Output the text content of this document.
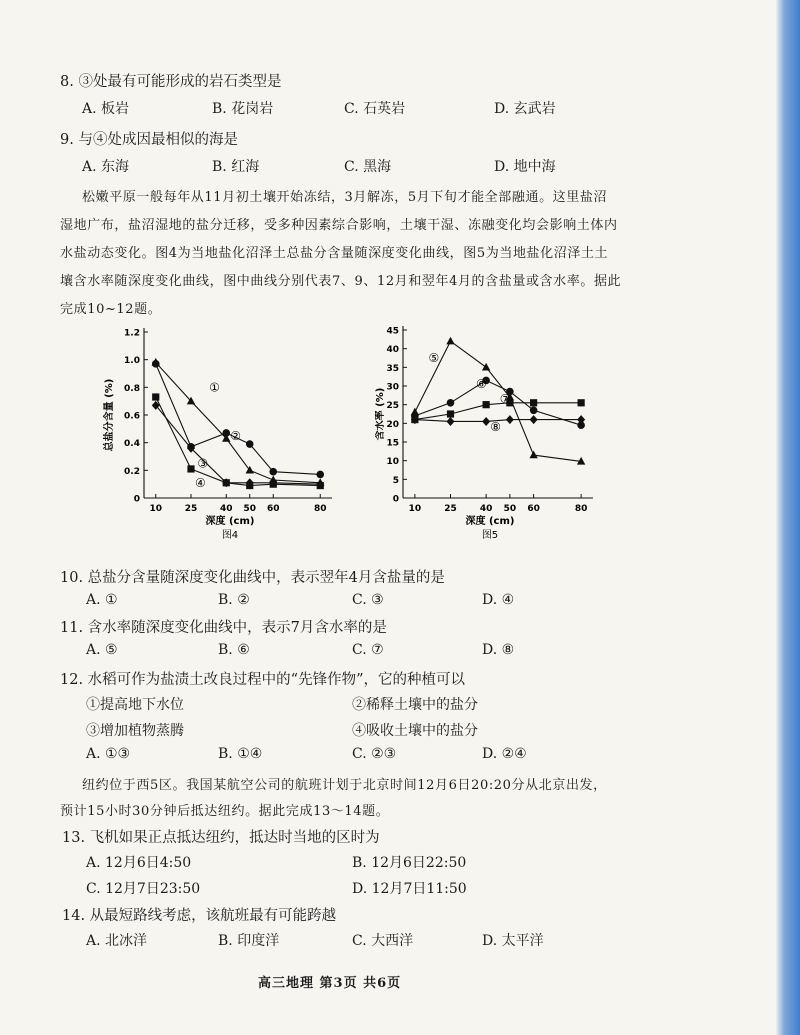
8. ③处最有可能形成的岩石类型是
A. 板岩	B. 花岗岩	C. 石英岩	D. 玄武岩
9. 与④处成因最相似的海是
A. 东海	B. 红海	C. 黑海	D. 地中海
松嫩平原一般每年从11月初土壤开始冻结，3月解冻，5月下旬才能全部融通。这里盐沼
湿地广布，盐沼湿地的盐分迁移，受多种因素综合影响，土壤干湿、冻融变化均会影响土体内
水盐动态变化。图4为当地盐化沼泽土总盐分含量随深度变化曲线，图5为当地盐化沼泽土土
壤含水率随深度变化曲线，图中曲线分别代表7、9、12月和翌年4月的含盐量或含水率。据此
完成10~12题。
0
0.2
0.4
0.6
0.8
1.0
1.2
10	25	40 50 60	80
深度 (cm)
总盐分含量 (%)
图4
①
②
③
④
0
5
10
15
20
25
30
35
40
45
10	25	40 50 60	80
深度 (cm)
含水率 (%)
图5
⑤
⑥
⑦
⑧
10. 总盐分含量随深度变化曲线中，表示翌年4月含盐量的是
A. ①	B. ②	C. ③	D. ④
11. 含水率随深度变化曲线中，表示7月含水率的是
A. ⑤	B. ⑥	C. ⑦	D. ⑧
12. 水稻可作为盐渍土改良过程中的“先锋作物”，它的种植可以
①提高地下水位	②稀释土壤中的盐分
③增加植物蒸腾	④吸收土壤中的盐分
A. ①③	B. ①④	C. ②③	D. ②④
纽约位于西5区。我国某航空公司的航班计划于北京时间12月6日20:20分从北京出发，
预计15小时30分钟后抵达纽约。据此完成13～14题。
13. 飞机如果正点抵达纽约，抵达时当地的区时为
A. 12月6日4:50	B. 12月6日22:50
C. 12月7日23:50	D. 12月7日11:50
14. 从最短路线考虑，该航班最有可能跨越
A. 北冰洋	B. 印度洋	C. 大西洋	D. 太平洋
高三地理 第3页 共6页
